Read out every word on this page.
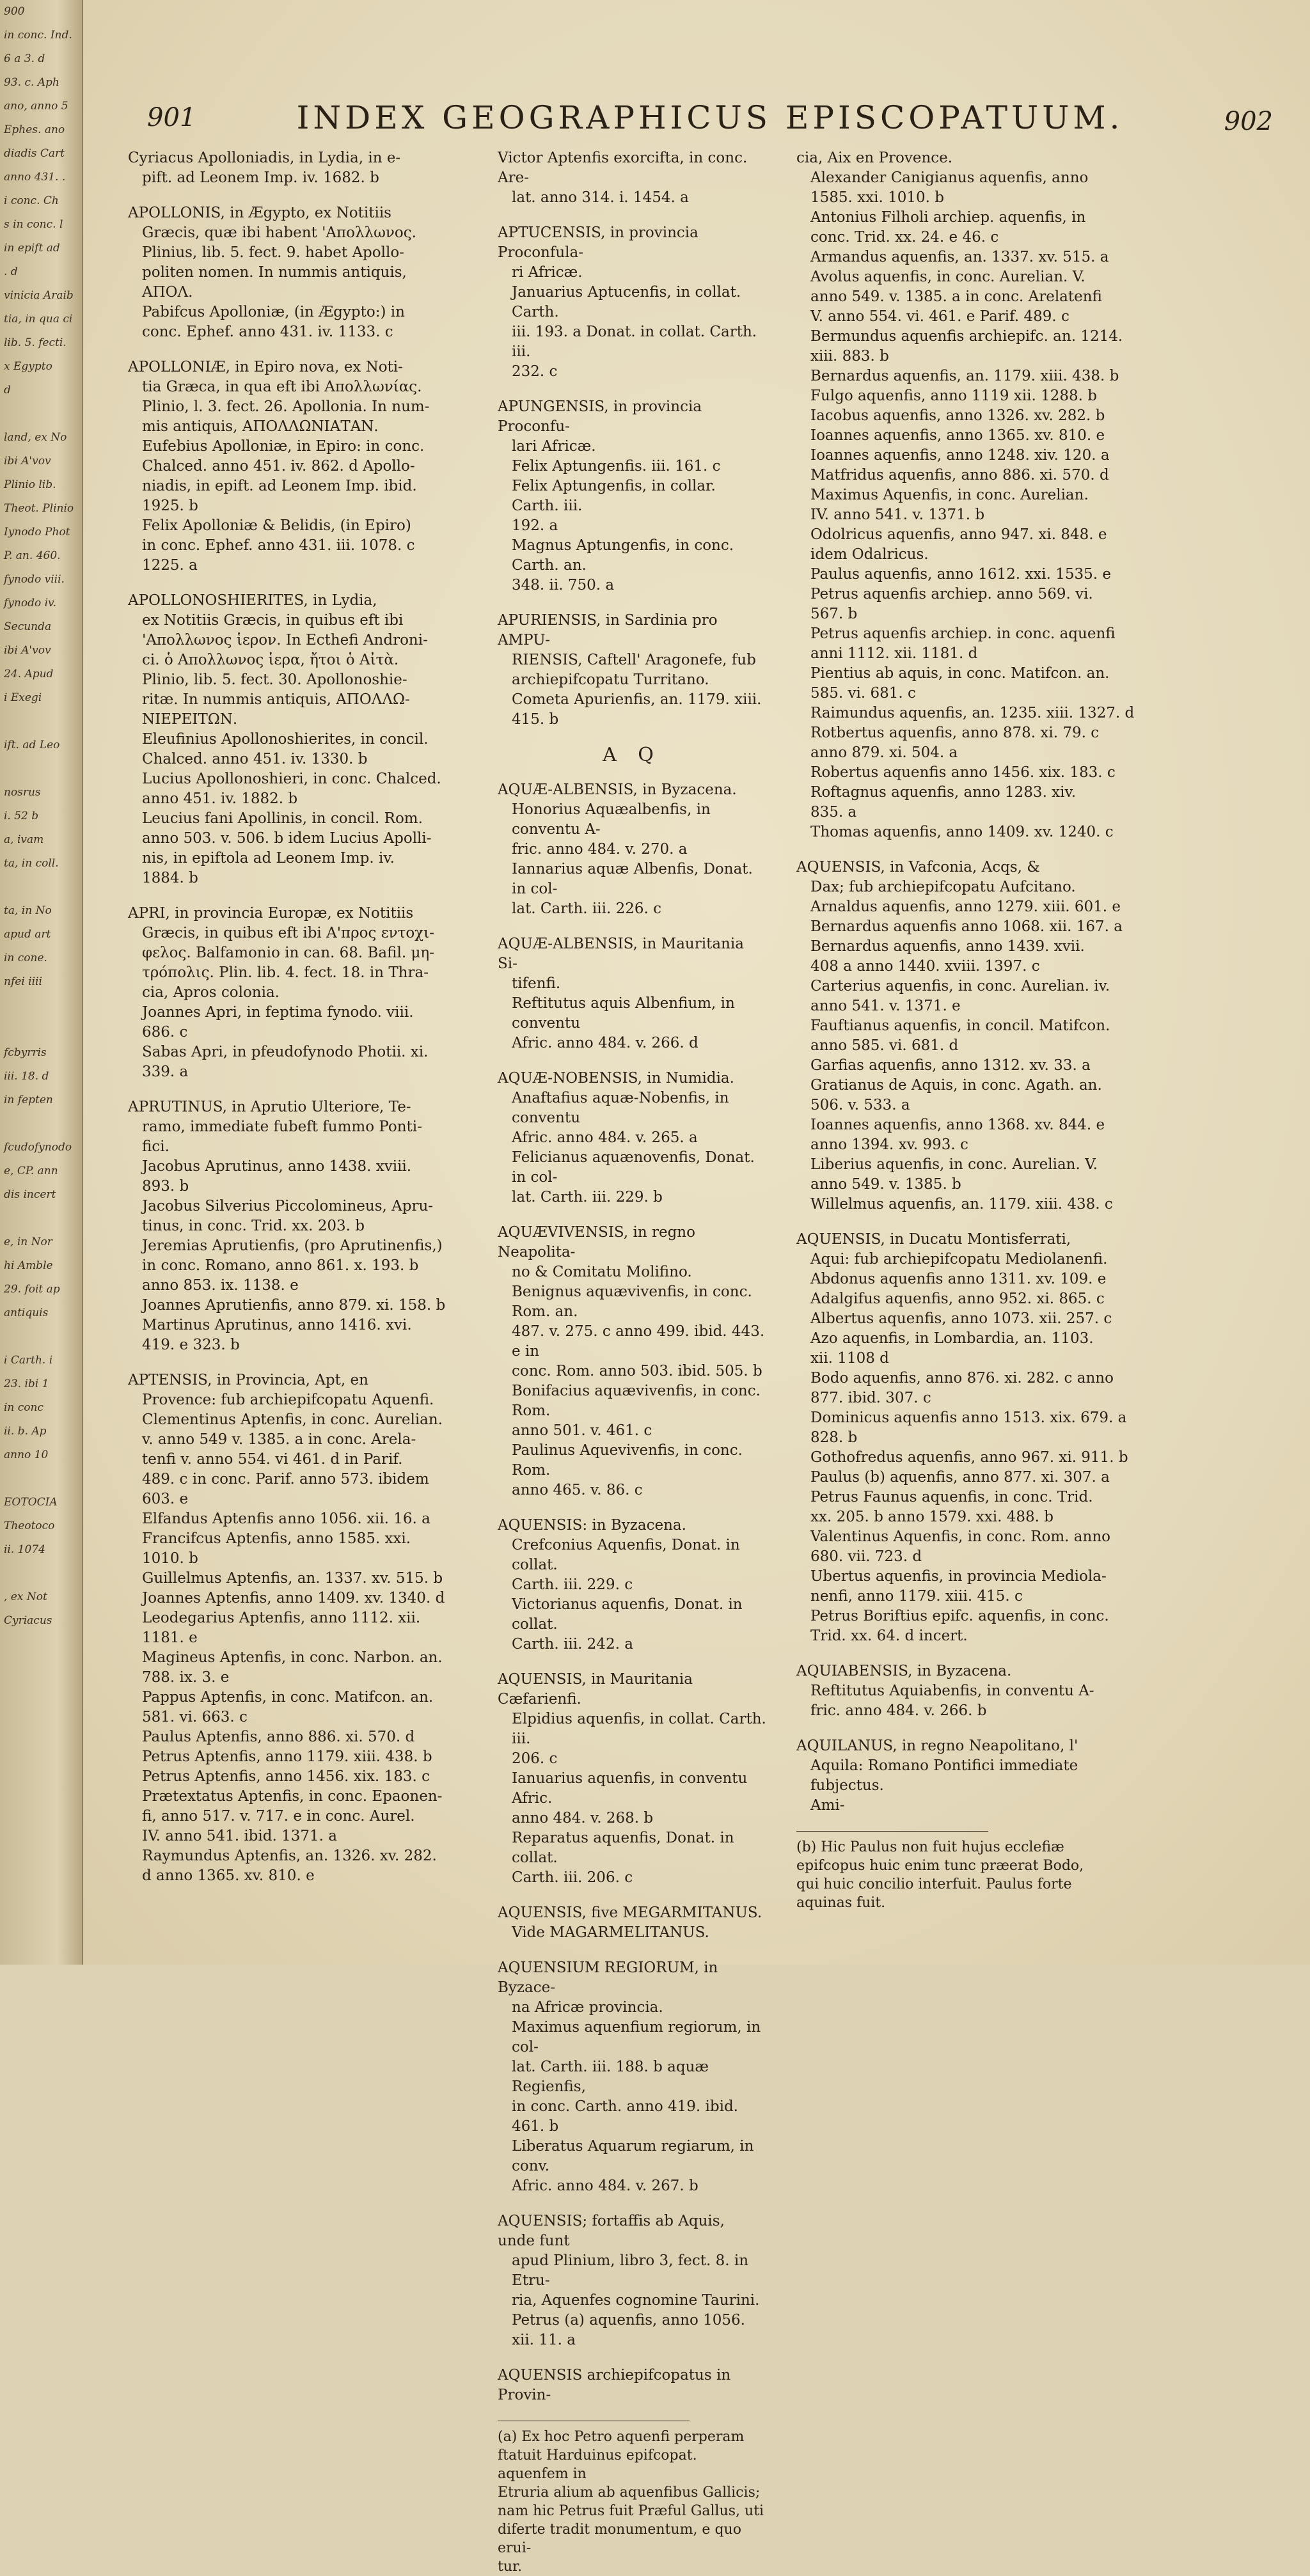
900
in conc. Ind.
6 a 3. d
93. c. Aph
ano, anno 5
Ephes. ano
diadis Cart
anno 431. .
i conc. Ch
s in conc. l
in epift ad
. d
vinicia Araib
tia, in qua ci
lib. 5. fecti.
x Egypto
d
land, ex No
ibi A'vov
Plinio lib.
Theot. Plinio
Iynodo Phot
P. an. 460.
fynodo viii.
fynodo iv.
Secunda
ibi A'vov
24. Apud
i Exegi
ift. ad Leo
nosrus
i. 52 b
a, ivam
ta, in coll.
ta, in No
apud art
in cone.
nfei iiii
fcbyrris
iii. 18. d
in fepten
fcudofynodo
e, CP. ann
dis incert
e, in Nor
hi Amble
29. foit ap
antiquis
i Carth. i
23. ibi 1
in conc
ii. b. Ap
anno 10
EOTOCIA
Theotoco
ii. 1074
, ex Not
Cyriacus
901	INDEX GEOGRAPHICUS EPISCOPATUUM.	902
Cyriacus Apolloniadis, in Lydia, in e-
pift. ad Leonem Imp. iv. 1682. b
APOLLONIS, in Ægypto, ex Notitiis
Græcis, quæ ibi habent 'Απολλωνος.
Plinius, lib. 5. fect. 9. habet Apollo-
politen nomen. In nummis antiquis,
ΑΠΟΛ.
Pabifcus Apolloniæ, (in Ægypto:) in
conc. Ephef. anno 431. iv. 1133. c
APOLLONIÆ, in Epiro nova, ex Noti-
tia Græca, in qua eft ibi Απολλωνίας.
Plinio, l. 3. fect. 26. Apollonia. In num-
mis antiquis, ΑΠΟΛΛΩΝΙΑΤΑΝ.
Eufebius Apolloniæ, in Epiro: in conc.
Chalced. anno 451. iv. 862. d Apollo-
niadis, in epift. ad Leonem Imp. ibid.
1925. b
Felix Apolloniæ & Belidis, (in Epiro)
in conc. Ephef. anno 431. iii. 1078. c
1225. a
APOLLONOSHIERITES, in Lydia,
ex Notitiis Græcis, in quibus eft ibi
'Απολλωνος ἱερον. In Ecthefi Androni-
ci. ὁ Απολλωνος ἱερα, ἤτοι ὁ Αἰτὰ.
Plinio, lib. 5. fect. 30. Apollonoshie-
ritæ. In nummis antiquis, ΑΠΟΛΛΩ-
ΝΙΕΡΕΙΤΩΝ.
Eleufinius Apollonoshierites, in concil.
Chalced. anno 451. iv. 1330. b
Lucius Apollonoshieri, in conc. Chalced.
anno 451. iv. 1882. b
Leucius fani Apollinis, in concil. Rom.
anno 503. v. 506. b idem Lucius Apolli-
nis, in epiftola ad Leonem Imp. iv.
1884. b
APRI, in provincia Europæ, ex Notitiis
Græcis, in quibus eft ibi Α'προς εντοχι-
φελος. Balfamonio in can. 68. Bafil. μη-
τρόπολις. Plin. lib. 4. fect. 18. in Thra-
cia, Apros colonia.
Joannes Apri, in feptima fynodo. viii.
686. c
Sabas Apri, in pfeudofynodo Photii. xi.
339. a
APRUTINUS, in Aprutio Ulteriore, Te-
ramo, immediate fubeft fummo Ponti-
fici.
Jacobus Aprutinus, anno 1438. xviii.
893. b
Jacobus Silverius Piccolomineus, Apru-
tinus, in conc. Trid. xx. 203. b
Jeremias Aprutienfis, (pro Aprutinenfis,)
in conc. Romano, anno 861. x. 193. b
anno 853. ix. 1138. e
Joannes Aprutienfis, anno 879. xi. 158. b
Martinus Aprutinus, anno 1416. xvi.
419. e 323. b
APTENSIS, in Provincia, Apt, en
Provence: fub archiepifcopatu Aquenfi.
Clementinus Aptenfis, in conc. Aurelian.
v. anno 549 v. 1385. a in conc. Arela-
tenfi v. anno 554. vi 461. d in Parif.
489. c in conc. Parif. anno 573. ibidem
603. e
Elfandus Aptenfis anno 1056. xii. 16. a
Francifcus Aptenfis, anno 1585. xxi.
1010. b
Guillelmus Aptenfis, an. 1337. xv. 515. b
Joannes Aptenfis, anno 1409. xv. 1340. d
Leodegarius Aptenfis, anno 1112. xii.
1181. e
Magineus Aptenfis, in conc. Narbon. an.
788. ix. 3. e
Pappus Aptenfis, in conc. Matifcon. an.
581. vi. 663. c
Paulus Aptenfis, anno 886. xi. 570. d
Petrus Aptenfis, anno 1179. xiii. 438. b
Petrus Aptenfis, anno 1456. xix. 183. c
Prætextatus Aptenfis, in conc. Epaonen-
fi, anno 517. v. 717. e in conc. Aurel.
IV. anno 541. ibid. 1371. a
Raymundus Aptenfis, an. 1326. xv. 282.
d anno 1365. xv. 810. e
Victor Aptenfis exorcifta, in conc. Are-
lat. anno 314. i. 1454. a
APTUCENSIS, in provincia Proconfula-
ri Africæ.
Januarius Aptucenfis, in collat. Carth.
iii. 193. a Donat. in collat. Carth. iii.
232. c
APUNGENSIS, in provincia Proconfu-
lari Africæ.
Felix Aptungenfis. iii. 161. c
Felix Aptungenfis, in collar. Carth. iii.
192. a
Magnus Aptungenfis, in conc. Carth. an.
348. ii. 750. a
APURIENSIS, in Sardinia pro AMPU-
RIENSIS, Caftell' Aragonefe, fub
archiepifcopatu Turritano.
Cometa Apurienfis, an. 1179. xiii. 415. b
A Q
AQUÆ-ALBENSIS, in Byzacena.
Honorius Aquæalbenfis, in conventu A-
fric. anno 484. v. 270. a
Iannarius aquæ Albenfis, Donat. in col-
lat. Carth. iii. 226. c
AQUÆ-ALBENSIS, in Mauritania Si-
tifenfi.
Reftitutus aquis Albenfium, in conventu
Afric. anno 484. v. 266. d
AQUÆ-NOBENSIS, in Numidia.
Anaftafius aquæ-Nobenfis, in conventu
Afric. anno 484. v. 265. a
Felicianus aquænovenfis, Donat. in col-
lat. Carth. iii. 229. b
AQUÆVIVENSIS, in regno Neapolita-
no & Comitatu Molifino.
Benignus aquævivenfis, in conc. Rom. an.
487. v. 275. c anno 499. ibid. 443. e in
conc. Rom. anno 503. ibid. 505. b
Bonifacius aquævivenfis, in conc. Rom.
anno 501. v. 461. c
Paulinus Aquevivenfis, in conc. Rom.
anno 465. v. 86. c
AQUENSIS: in Byzacena.
Crefconius Aquenfis, Donat. in collat.
Carth. iii. 229. c
Victorianus aquenfis, Donat. in collat.
Carth. iii. 242. a
AQUENSIS, in Mauritania Cæfarienfi.
Elpidius aquenfis, in collat. Carth. iii.
206. c
Ianuarius aquenfis, in conventu Afric.
anno 484. v. 268. b
Reparatus aquenfis, Donat. in collat.
Carth. iii. 206. c
AQUENSIS, five MEGARMITANUS.
Vide MAGARMELITANUS.
AQUENSIUM REGIORUM, in Byzace-
na Africæ provincia.
Maximus aquenfium regiorum, in col-
lat. Carth. iii. 188. b aquæ Regienfis,
in conc. Carth. anno 419. ibid. 461. b
Liberatus Aquarum regiarum, in conv.
Afric. anno 484. v. 267. b
AQUENSIS; fortaffis ab Aquis, unde funt
apud Plinium, libro 3, fect. 8. in Etru-
ria, Aquenfes cognomine Taurini.
Petrus (a) aquenfis, anno 1056. xii. 11. a
AQUENSIS archiepifcopatus in Provin-
(a) Ex hoc Petro aquenfi perperam
ftatuit Harduinus epifcopat. aquenfem in
Etruria alium ab aquenfibus Gallicis;
nam hic Petrus fuit Præful Gallus, uti
diferte tradit monumentum, e quo erui-
tur.
cia, Aix en Provence.
Alexander Canigianus aquenfis, anno
1585. xxi. 1010. b
Antonius Filholi archiep. aquenfis, in
conc. Trid. xx. 24. e 46. c
Armandus aquenfis, an. 1337. xv. 515. a
Avolus aquenfis, in conc. Aurelian. V.
anno 549. v. 1385. a in conc. Arelatenfi
V. anno 554. vi. 461. e Parif. 489. c
Bermundus aquenfis archiepifc. an. 1214.
xiii. 883. b
Bernardus aquenfis, an. 1179. xiii. 438. b
Fulgo aquenfis, anno 1119 xii. 1288. b
Iacobus aquenfis, anno 1326. xv. 282. b
Ioannes aquenfis, anno 1365. xv. 810. e
Ioannes aquenfis, anno 1248. xiv. 120. a
Matfridus aquenfis, anno 886. xi. 570. d
Maximus Aquenfis, in conc. Aurelian.
IV. anno 541. v. 1371. b
Odolricus aquenfis, anno 947. xi. 848. e
idem Odalricus.
Paulus aquenfis, anno 1612. xxi. 1535. e
Petrus aquenfis archiep. anno 569. vi.
567. b
Petrus aquenfis archiep. in conc. aquenfi
anni 1112. xii. 1181. d
Pientius ab aquis, in conc. Matifcon. an.
585. vi. 681. c
Raimundus aquenfis, an. 1235. xiii. 1327. d
Rotbertus aquenfis, anno 878. xi. 79. c
anno 879. xi. 504. a
Robertus aquenfis anno 1456. xix. 183. c
Roftagnus aquenfis, anno 1283. xiv.
835. a
Thomas aquenfis, anno 1409. xv. 1240. c
AQUENSIS, in Vafconia, Acqs, &
Dax; fub archiepifcopatu Aufcitano.
Arnaldus aquenfis, anno 1279. xiii. 601. e
Bernardus aquenfis anno 1068. xii. 167. a
Bernardus aquenfis, anno 1439. xvii.
408 a anno 1440. xviii. 1397. c
Carterius aquenfis, in conc. Aurelian. iv.
anno 541. v. 1371. e
Fauftianus aquenfis, in concil. Matifcon.
anno 585. vi. 681. d
Garfias aquenfis, anno 1312. xv. 33. a
Gratianus de Aquis, in conc. Agath. an.
506. v. 533. a
Ioannes aquenfis, anno 1368. xv. 844. e
anno 1394. xv. 993. c
Liberius aquenfis, in conc. Aurelian. V.
anno 549. v. 1385. b
Willelmus aquenfis, an. 1179. xiii. 438. c
AQUENSIS, in Ducatu Montisferrati,
Aqui: fub archiepifcopatu Mediolanenfi.
Abdonus aquenfis anno 1311. xv. 109. e
Adalgifus aquenfis, anno 952. xi. 865. c
Albertus aquenfis, anno 1073. xii. 257. c
Azo aquenfis, in Lombardia, an. 1103.
xii. 1108 d
Bodo aquenfis, anno 876. xi. 282. c anno
877. ibid. 307. c
Dominicus aquenfis anno 1513. xix. 679. a
828. b
Gothofredus aquenfis, anno 967. xi. 911. b
Paulus (b) aquenfis, anno 877. xi. 307. a
Petrus Faunus aquenfis, in conc. Trid.
xx. 205. b anno 1579. xxi. 488. b
Valentinus Aquenfis, in conc. Rom. anno
680. vii. 723. d
Ubertus aquenfis, in provincia Mediola-
nenfi, anno 1179. xiii. 415. c
Petrus Boriftius epifc. aquenfis, in conc.
Trid. xx. 64. d incert.
AQUIABENSIS, in Byzacena.
Reftitutus Aquiabenfis, in conventu A-
fric. anno 484. v. 266. b
AQUILANUS, in regno Neapolitano, l'
Aquila: Romano Pontifici immediate
fubjectus.
Ami-
(b) Hic Paulus non fuit hujus ecclefiæ
epifcopus huic enim tunc præerat Bodo,
qui huic concilio interfuit. Paulus forte
aquinas fuit.
